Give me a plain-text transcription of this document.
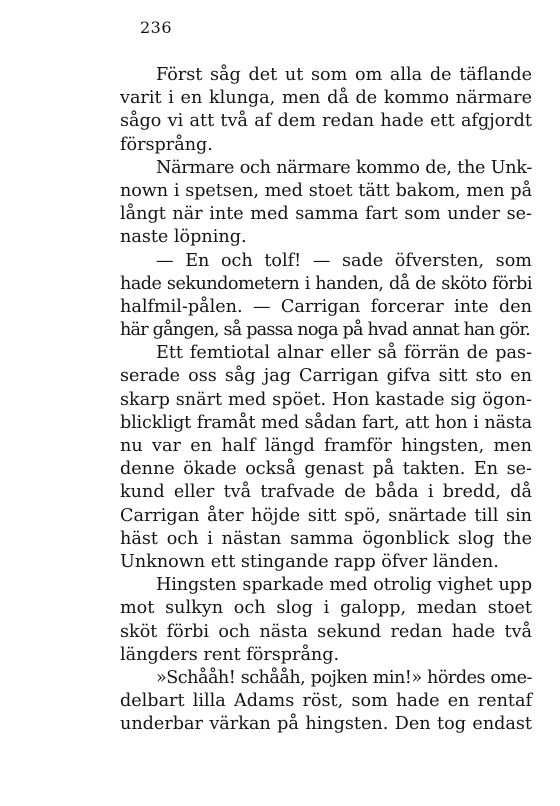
236
Först såg det ut som om alla de täflande
varit i en klunga, men då de kommo närmare
sågo vi att två af dem redan hade ett afgjordt
försprång.
Närmare och närmare kommo de, the Unk-
nown i spetsen, med stoet tätt bakom, men på
långt när inte med samma fart som under se-
naste löpning.
— En och tolf! — sade öfversten, som
hade sekundometern i handen, då de sköto förbi
halfmil-pålen. — Carrigan forcerar inte den
här gången, så passa noga på hvad annat han gör.
Ett femtiotal alnar eller så förrän de pas-
serade oss såg jag Carrigan gifva sitt sto en
skarp snärt med spöet. Hon kastade sig ögon-
blickligt framåt med sådan fart, att hon i nästa
nu var en half längd framför hingsten, men
denne ökade också genast på takten. En se-
kund eller två trafvade de båda i bredd, då
Carrigan åter höjde sitt spö, snärtade till sin
häst och i nästan samma ögonblick slog the
Unknown ett stingande rapp öfver länden.
Hingsten sparkade med otrolig vighet upp
mot sulkyn och slog i galopp, medan stoet
sköt förbi och nästa sekund redan hade två
längders rent försprång.
»Schååh! schååh, pojken min!» hördes ome-
delbart lilla Adams röst, som hade en rentaf
underbar värkan på hingsten. Den tog endast
